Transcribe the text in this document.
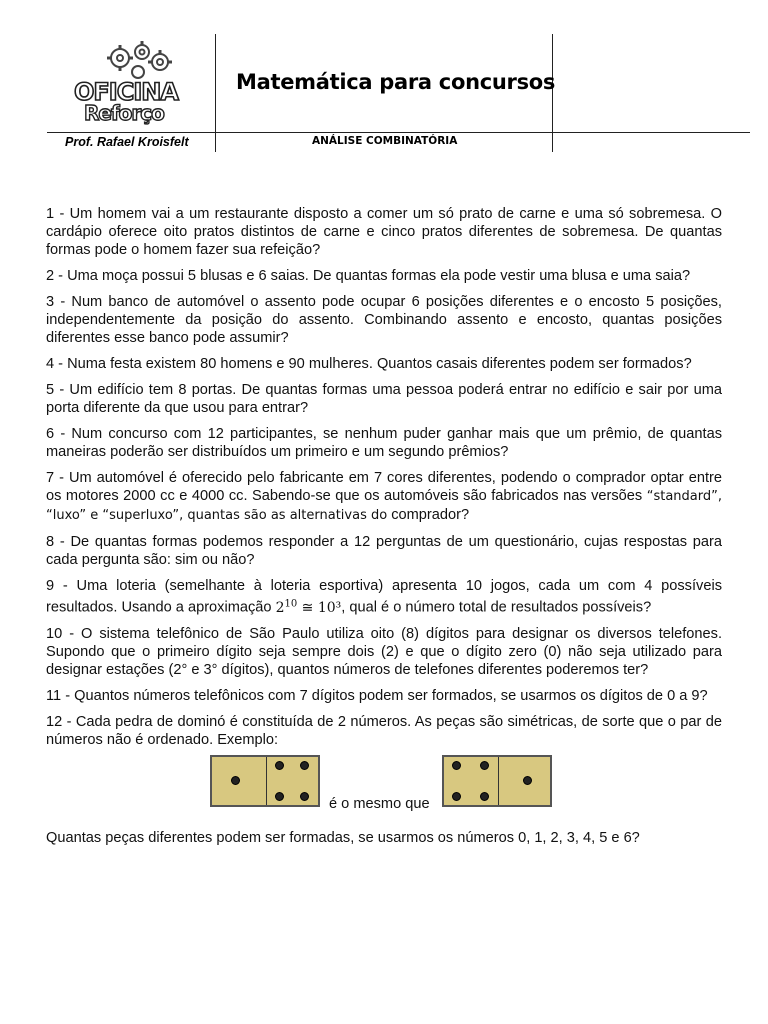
OFICINA
Reforço
Matemática para concursos
Prof. Rafael Kroisfelt	ANÁLISE COMBINATÓRIA

1 - Um homem vai a um restaurante disposto a comer um só prato de carne e uma só sobremesa. O cardápio oferece oito pratos distintos de carne e cinco pratos diferentes de sobremesa. De quantas formas pode o homem fazer sua refeição?

2 - Uma moça possui 5 blusas e 6 saias. De quantas formas ela pode vestir uma blusa e uma saia?

3 - Num banco de automóvel o assento pode ocupar 6 posições diferentes e o encosto 5 posições, independentemente da posição do assento. Combinando assento e encosto, quantas posições diferentes esse banco pode assumir?

4 - Numa festa existem 80 homens e 90 mulheres. Quantos casais diferentes podem ser formados?

5 - Um edifício tem 8 portas. De quantas formas uma pessoa poderá entrar no edifício e sair por uma porta diferente da que usou para entrar?

6 - Num concurso com 12 participantes, se nenhum puder ganhar mais que um prêmio, de quantas maneiras poderão ser distribuídos um primeiro e um segundo prêmios?

7 - Um automóvel é oferecido pelo fabricante em 7 cores diferentes, podendo o comprador optar entre os motores 2000 cc e 4000 cc. Sabendo-se que os automóveis são fabricados nas versões “standard”, “luxo” e “superluxo”, quantas são as alternativas do comprador?

8 - De quantas formas podemos responder a 12 perguntas de um questionário, cujas respostas para cada pergunta são: sim ou não?

9 - Uma loteria (semelhante à loteria esportiva) apresenta 10 jogos, cada um com 4 possíveis resultados. Usando a aproximação $2^{10}$ ≅ 10³, qual é o número total de resultados possíveis?

10 - O sistema telefônico de São Paulo utiliza oito (8) dígitos para designar os diversos telefones. Supondo que o primeiro dígito seja sempre dois (2) e que o dígito zero (0) não seja utilizado para designar estações (2° e 3° dígitos), quantos números de telefones diferentes poderemos ter?

11 - Quantos números telefônicos com 7 dígitos podem ser formados, se usarmos os dígitos de 0 a 9?

12 - Cada pedra de dominó é constituída de 2 números. As peças são simétricas, de sorte que o par de números não é ordenado. Exemplo:

é o mesmo que

Quantas peças diferentes podem ser formadas, se usarmos os números 0, 1, 2, 3, 4, 5 e 6?
